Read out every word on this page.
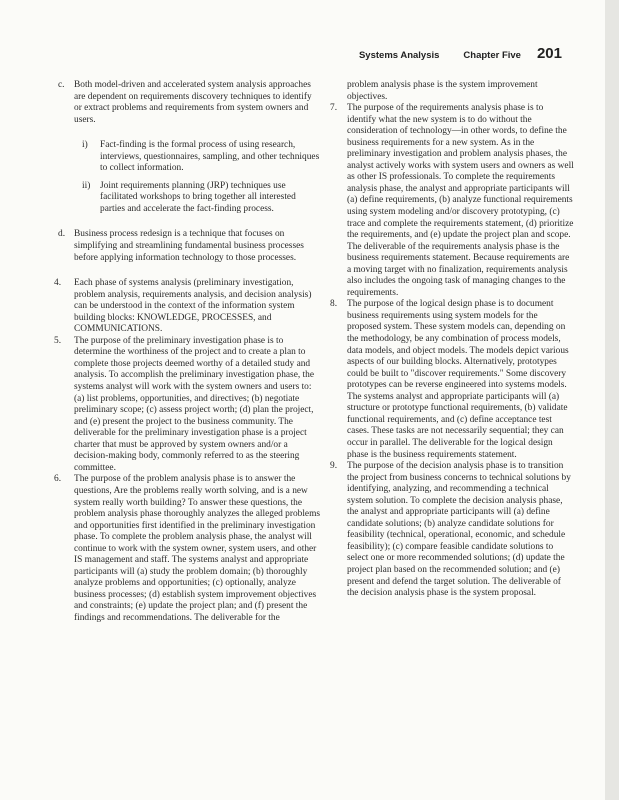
Systems Analysis	Chapter Five 201
c. Both model-driven and accelerated system analysis approaches are dependent on requirements discovery techniques to identify or extract problems and requirements from system owners and users.
i) Fact-finding is the formal process of using research, interviews, questionnaires, sampling, and other techniques to collect information.
ii) Joint requirements planning (JRP) techniques use facilitated workshops to bring together all interested parties and accelerate the fact-finding process.
d. Business process redesign is a technique that focuses on simplifying and streamlining fundamental business processes before applying information technology to those processes.
4. Each phase of systems analysis (preliminary investigation, problem analysis, requirements analysis, and decision analysis) can be understood in the context of the information system building blocks: KNOWLEDGE, PROCESSES, and COMMUNICATIONS.
5. The purpose of the preliminary investigation phase is to determine the worthiness of the project and to create a plan to complete those projects deemed worthy of a detailed study and analysis. To accomplish the preliminary investigation phase, the systems analyst will work with the system owners and users to: (a) list problems, opportunities, and directives; (b) negotiate preliminary scope; (c) assess project worth; (d) plan the project, and (e) present the project to the business community. The deliverable for the preliminary investigation phase is a project charter that must be approved by system owners and/or a decision-making body, commonly referred to as the steering committee.
6. The purpose of the problem analysis phase is to answer the questions, Are the problems really worth solving, and is a new system really worth building? To answer these questions, the problem analysis phase thoroughly analyzes the alleged problems and opportunities first identified in the preliminary investigation phase. To complete the problem analysis phase, the analyst will continue to work with the system owner, system users, and other IS management and staff. The systems analyst and appropriate participants will (a) study the problem domain; (b) thoroughly analyze problems and opportunities; (c) optionally, analyze business processes; (d) establish system improvement objectives and constraints; (e) update the project plan; and (f) present the findings and recommendations. The deliverable for the
problem analysis phase is the system improvement objectives.
7. The purpose of the requirements analysis phase is to identify what the new system is to do without the consideration of technology—in other words, to define the business requirements for a new system. As in the preliminary investigation and problem analysis phases, the analyst actively works with system users and owners as well as other IS professionals. To complete the requirements analysis phase, the analyst and appropriate participants will (a) define requirements, (b) analyze functional requirements using system modeling and/or discovery prototyping, (c) trace and complete the requirements statement, (d) prioritize the requirements, and (e) update the project plan and scope. The deliverable of the requirements analysis phase is the business requirements statement. Because requirements are a moving target with no finalization, requirements analysis also includes the ongoing task of managing changes to the requirements.
8. The purpose of the logical design phase is to document business requirements using system models for the proposed system. These system models can, depending on the methodology, be any combination of process models, data models, and object models. The models depict various aspects of our building blocks. Alternatively, prototypes could be built to "discover requirements." Some discovery prototypes can be reverse engineered into systems models. The systems analyst and appropriate participants will (a) structure or prototype functional requirements, (b) validate functional requirements, and (c) define acceptance test cases. These tasks are not necessarily sequential; they can occur in parallel. The deliverable for the logical design phase is the business requirements statement.
9. The purpose of the decision analysis phase is to transition the project from business concerns to technical solutions by identifying, analyzing, and recommending a technical system solution. To complete the decision analysis phase, the analyst and appropriate participants will (a) define candidate solutions; (b) analyze candidate solutions for feasibility (technical, operational, economic, and schedule feasibility); (c) compare feasible candidate solutions to select one or more recommended solutions; (d) update the project plan based on the recommended solution; and (e) present and defend the target solution. The deliverable of the decision analysis phase is the system proposal.
